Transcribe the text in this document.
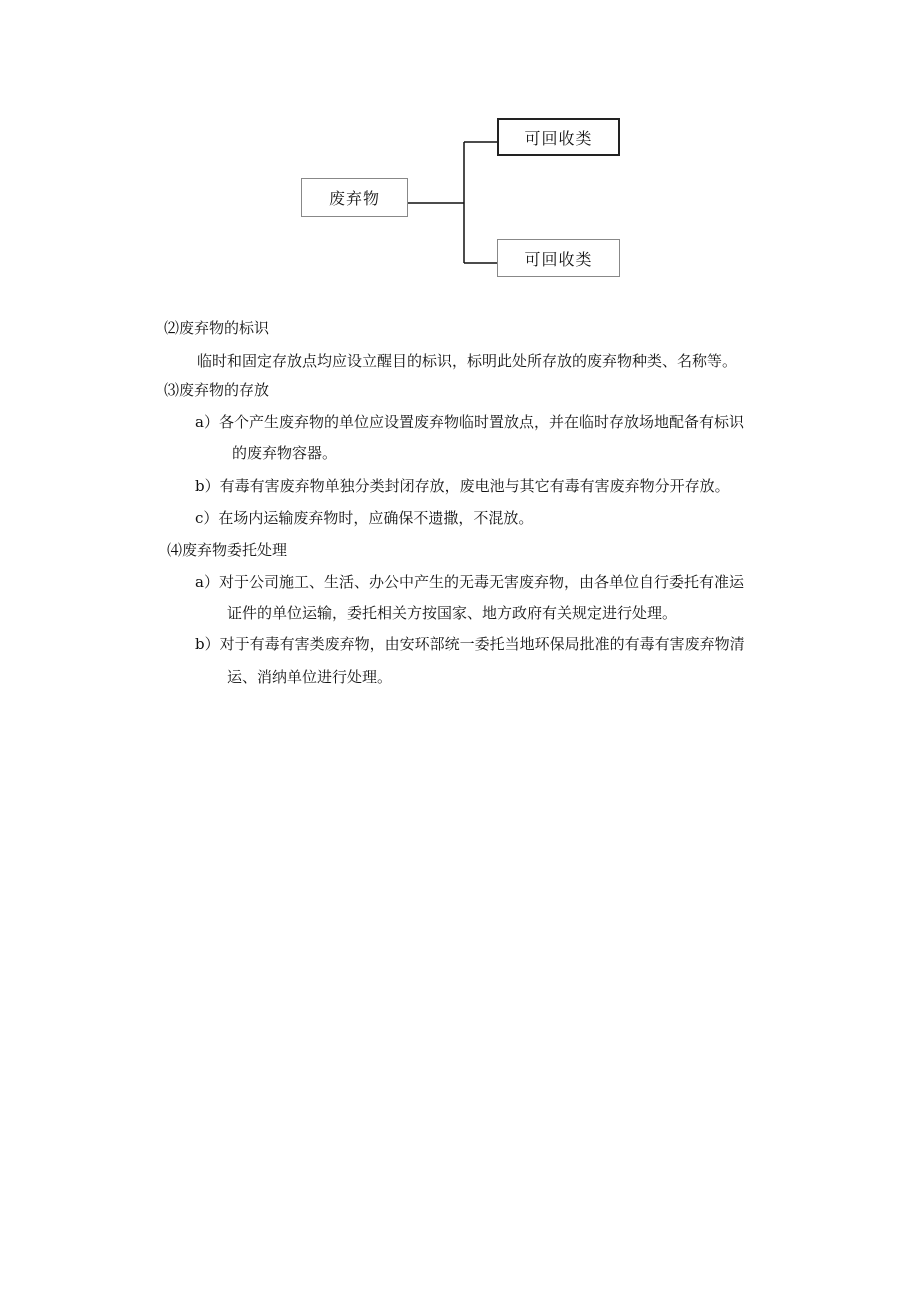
废弃物
可回收类
可回收类
⑵废弃物的标识
临时和固定存放点均应设立醒目的标识，标明此处所存放的废弃物种类、名称等。
⑶废弃物的存放
a）各个产生废弃物的单位应设置废弃物临时置放点，并在临时存放场地配备有标识
的废弃物容器。
b）有毒有害废弃物单独分类封闭存放，废电池与其它有毒有害废弃物分开存放。
c）在场内运输废弃物时，应确保不遗撒，不混放。
⑷废弃物委托处理
a）对于公司施工、生活、办公中产生的无毒无害废弃物，由各单位自行委托有准运
证件的单位运输，委托相关方按国家、地方政府有关规定进行处理。
b）对于有毒有害类废弃物，由安环部统一委托当地环保局批准的有毒有害废弃物清
运、消纳单位进行处理。
